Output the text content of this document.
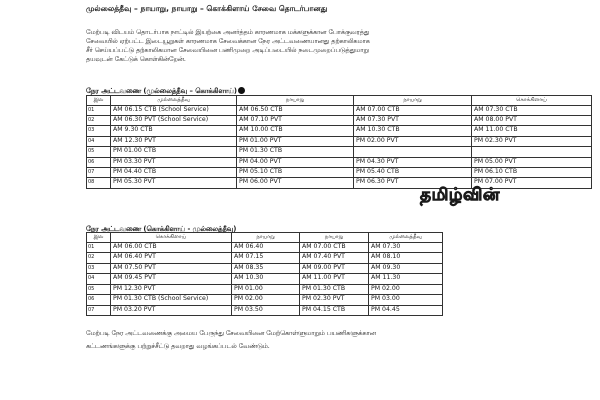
முல்லைத்தீவு – நாயாறு, நாயாறு – கொக்கிளாய் சேவை தொடர்பானது
மேற்படி விடயம் தொடர்பாக நாட்டில் இயற்கை அனர்த்தம் காரணமாக மக்களுக்கான போக்குவரத்து
சேவையில் ஏற்பட்ட இடையூறுகள் காரணமாக சேவைக்கான நேர அட்டவணையானது தற்காலிகமாக
சீர் செய்யப்பட்டு தற்காலிகமான சேவையினை பணிமுறை அடிப்படையில் நடைமுறைப்படுத்துமாறு
தயவுடன் கேட்டுக் கொள்கின்றேன்.
நேர அட்டவணை (முல்லைத்தீவு – கொக்கிளாய்)
இல	முல்லைத்தீவு	நாயாறு	நாயாறு	கொக்கிளாய்
01	AM 06.15 CTB (School Service)	AM 06.50 CTB	AM 07.00 CTB	AM 07.30 CTB
02	AM 06.30 PVT (School Service)	AM 07.10 PVT	AM 07.30 PVT	AM 08.00 PVT
03	AM 9.30 CTB	AM 10.00 CTB	AM 10.30 CTB	AM 11.00 CTB
04	AM 12.30 PVT	PM 01.00 PVT	PM 02.00 PVT	PM 02.30 PVT
05	PM 01.00 CTB	PM 01.30 CTB		
06	PM 03.30 PVT	PM 04.00 PVT	PM 04.30 PVT	PM 05.00 PVT
07	PM 04.40 CTB	PM 05.10 CTB	PM 05.40 CTB	PM 06.10 CTB
08	PM 05.30 PVT	PM 06.00 PVT	PM 06.30 PVT	PM 07.00 PVT
தமிழ்வின்
நேர அட்டவணை (கொக்கிளாய் - முல்லைத்தீவு)
இல	கொக்கிளாய்	நாயாறு	நாயாறு	முல்லைத்தீவு
01	AM 06.00 CTB	AM 06.40	AM 07.00 CTB	AM 07.30
02	AM 06.40 PVT	AM 07.15	AM 07.40 PVT	AM 08.10
03	AM 07.50 PVT	AM 08.35	AM 09.00 PVT	AM 09.30
04	AM 09.45 PVT	AM 10.30	AM 11.00 PVT	AM 11.30
05	PM 12.30 PVT	PM 01.00	PM 01.30 CTB	PM 02.00
06	PM 01.30 CTB (School Service)	PM 02.00	PM 02.30 PVT	PM 03.00
07	PM 03.20 PVT	PM 03.50	PM 04.15 CTB	PM 04.45
மேற்படி நேர அட்டவணைக்கு அமைய பேருந்து சேவையினை மேற்கொள்ளுமாறும் பயணிகளுக்கான
கட்டணங்களுக்கு பற்றுச்சீட்டு தவறாது வழங்கப்படல் வேண்டும்.
